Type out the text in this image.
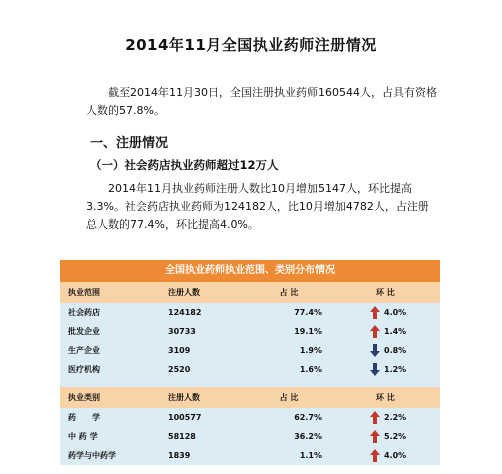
2014年11月全国执业药师注册情况

截至2014年11月30日，全国注册执业药师160544人，占具有资格人数的57.8%。

一、注册情况
（一）社会药店执业药师超过12万人

2014年11月执业药师注册人数比10月增加5147人，环比提高3.3%。社会药店执业药师为124182人，比10月增加4782人，占注册总人数的77.4%，环比提高4.0%。

全国执业药师执业范围、类别分布情况
执业范围	注册人数	占 比	环 比
社会药店	124182	77.4%	4.0%
批发企业	30733	19.1%	1.4%
生产企业	3109	1.9%	0.8%
医疗机构	2520	1.6%	1.2%
执业类别	注册人数	占 比	环 比
药　　学	100577	62.7%	2.2%
中 药 学	58128	36.2%	5.2%
药学与中药学	1839	1.1%	4.0%
